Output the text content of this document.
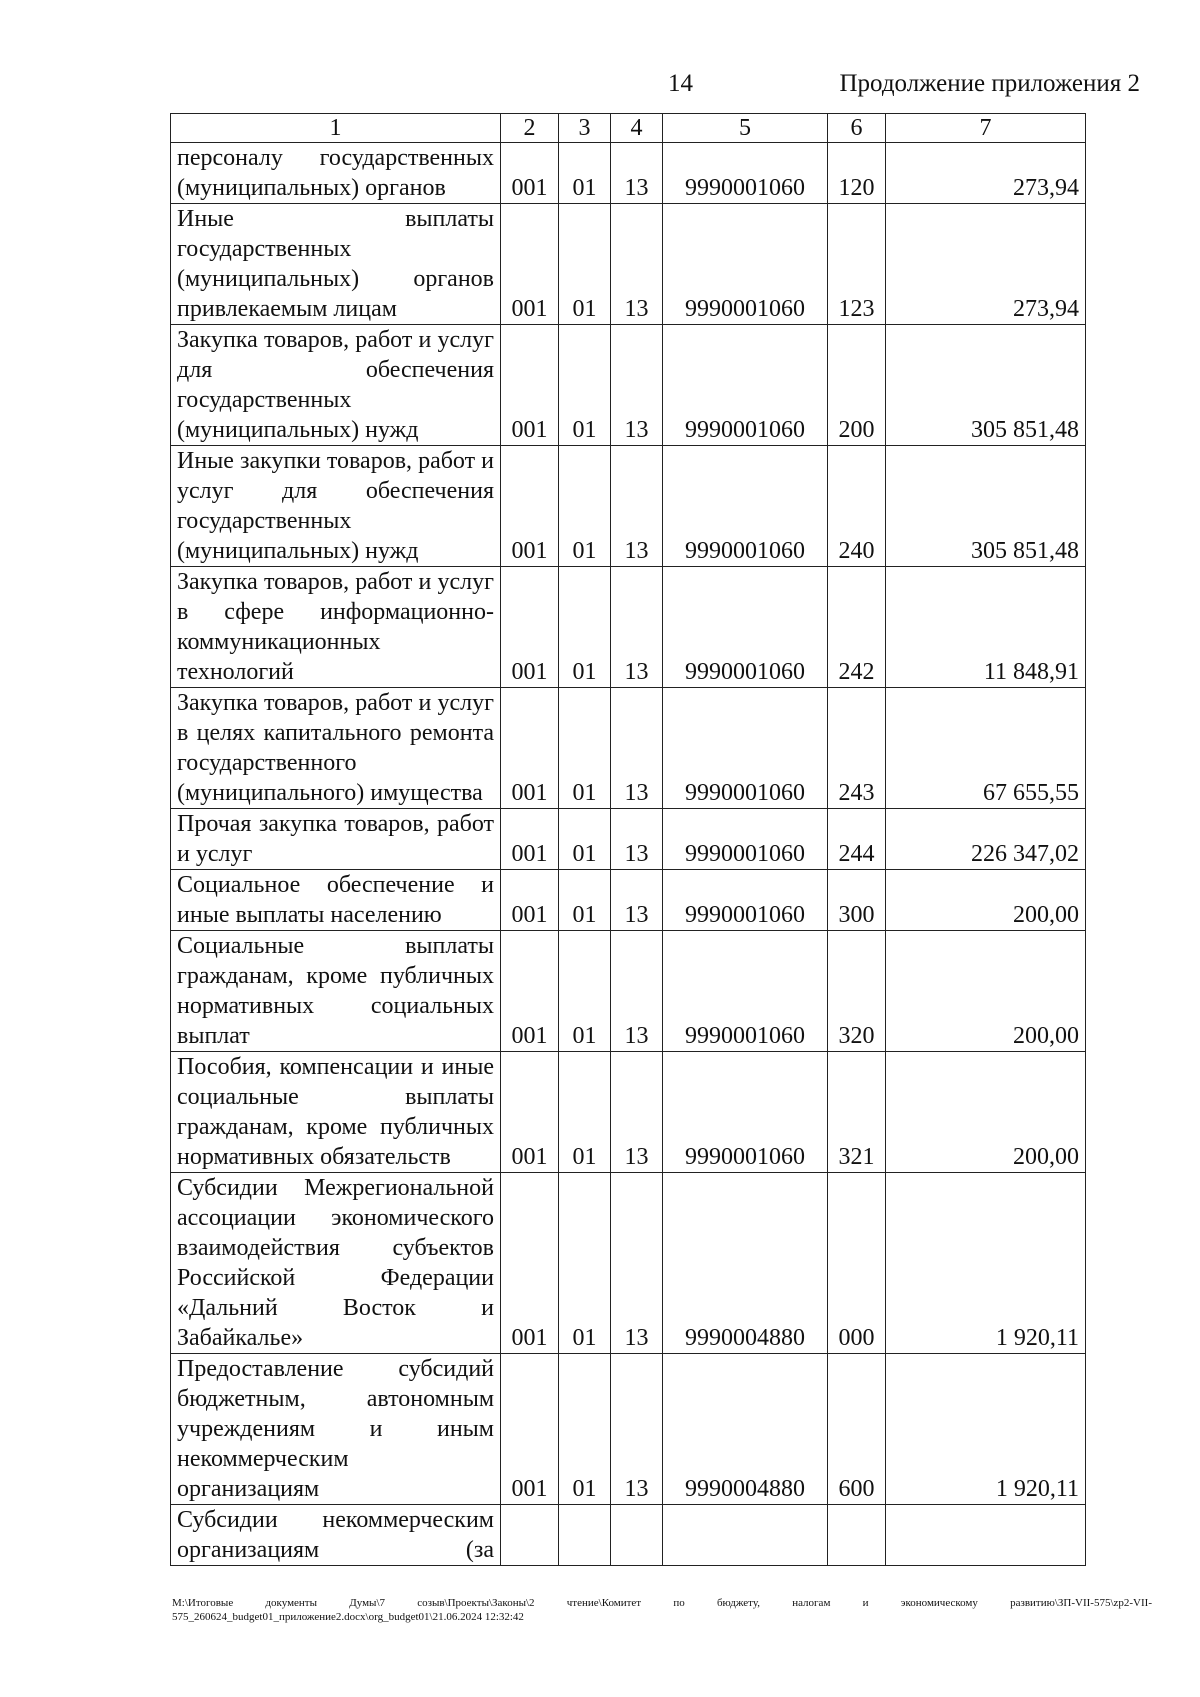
14	Продолжение приложения 2
1	2	3	4	5	6	7
персоналу государственных (муниципальных) органов	001	01	13	9990001060	120	273,94
Иные выплаты государственных (муниципальных) органов привлекаемым лицам	001	01	13	9990001060	123	273,94
Закупка товаров, работ и услуг для обеспечения государственных (муниципальных) нужд	001	01	13	9990001060	200	305 851,48
Иные закупки товаров, работ и услуг для обеспечения государственных (муниципальных) нужд	001	01	13	9990001060	240	305 851,48
Закупка товаров, работ и услуг в сфере информационно-коммуникационных технологий	001	01	13	9990001060	242	11 848,91
Закупка товаров, работ и услуг в целях капитального ремонта государственного (муниципального) имущества	001	01	13	9990001060	243	67 655,55
Прочая закупка товаров, работ и услуг	001	01	13	9990001060	244	226 347,02
Социальное обеспечение и иные выплаты населению	001	01	13	9990001060	300	200,00
Социальные выплаты гражданам, кроме публичных нормативных социальных выплат	001	01	13	9990001060	320	200,00
Пособия, компенсации и иные социальные выплаты гражданам, кроме публичных нормативных обязательств	001	01	13	9990001060	321	200,00
Субсидии Межрегиональной ассоциации экономического взаимодействия субъектов Российской Федерации «Дальний Восток и Забайкалье»	001	01	13	9990004880	000	1 920,11
Предоставление субсидий бюджетным, автономным учреждениям и иным некоммерческим организациям	001	01	13	9990004880	600	1 920,11
Субсидии некоммерческим организациям (за						
M:\Итоговые документы Думы\7 созыв\Проекты\Законы\2 чтение\Комитет по бюджету, налогам и экономическому развитию\ЗП-VII-575\zp2-VII-575_260624_budget01_приложение2.docx\org_budget01\21.06.2024 12:32:42
